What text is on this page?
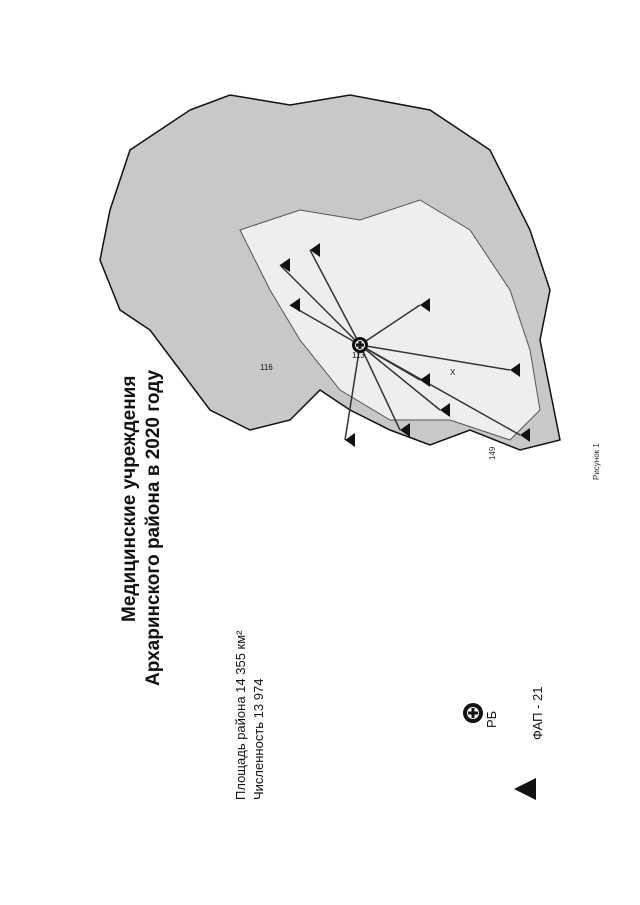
Медицинские учреждения Архаринского района в 2020 году
Площадь района 14 355 км² Численность 13 974	РБ ФАП - 21
149	Рисунок 1
113
116
X
